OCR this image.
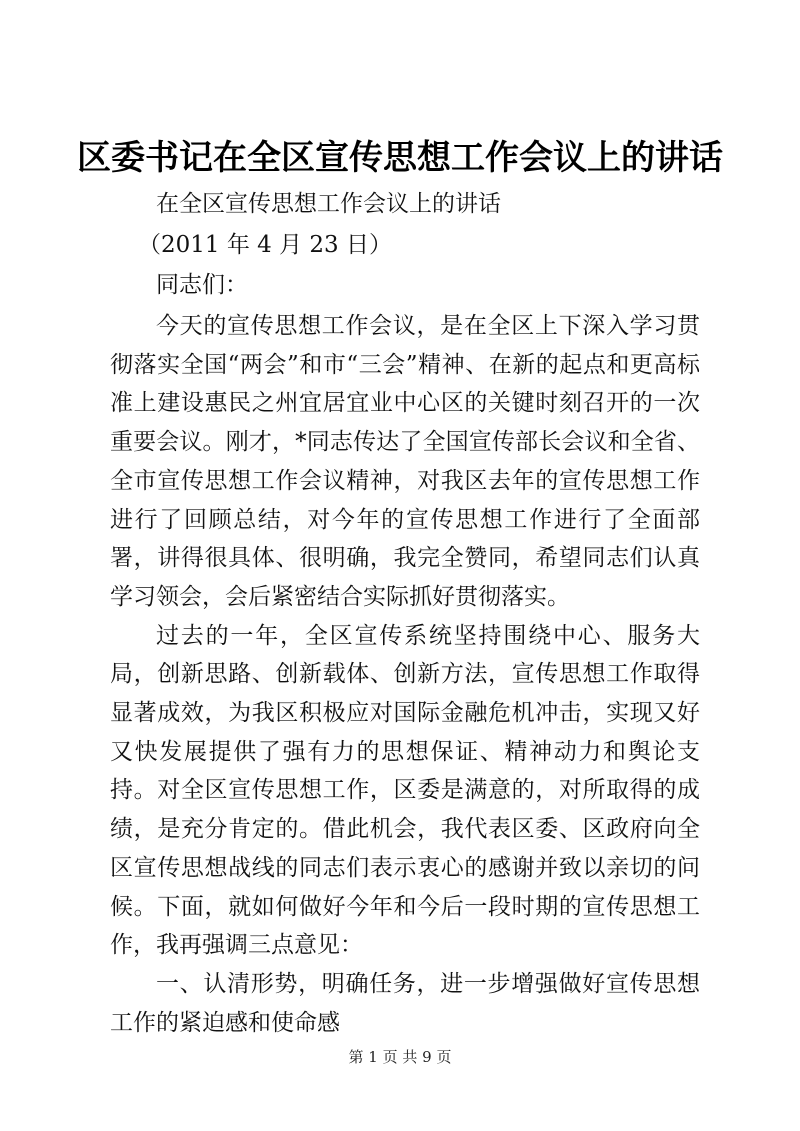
区委书记在全区宣传思想工作会议上的讲话
在全区宣传思想工作会议上的讲话
（2011 年 4 月 23 日）
同志们：

今天的宣传思想工作会议，是在全区上下深入学习贯彻落实全国“两会”和市“三会”精神、在新的起点和更高标准上建设惠民之州宜居宜业中心区的关键时刻召开的一次重要会议。刚才，*同志传达了全国宣传部长会议和全省、全市宣传思想工作会议精神，对我区去年的宣传思想工作进行了回顾总结，对今年的宣传思想工作进行了全面部署，讲得很具体、很明确，我完全赞同，希望同志们认真学习领会，会后紧密结合实际抓好贯彻落实。

过去的一年，全区宣传系统坚持围绕中心、服务大局，创新思路、创新载体、创新方法，宣传思想工作取得显著成效，为我区积极应对国际金融危机冲击，实现又好又快发展提供了强有力的思想保证、精神动力和舆论支持。对全区宣传思想工作，区委是满意的，对所取得的成绩，是充分肯定的。借此机会，我代表区委、区政府向全区宣传思想战线的同志们表示衷心的感谢并致以亲切的问候。下面，就如何做好今年和今后一段时期的宣传思想工作，我再强调三点意见：

一、认清形势，明确任务，进一步增强做好宣传思想工作的紧迫感和使命感

第 1 页 共 9 页
